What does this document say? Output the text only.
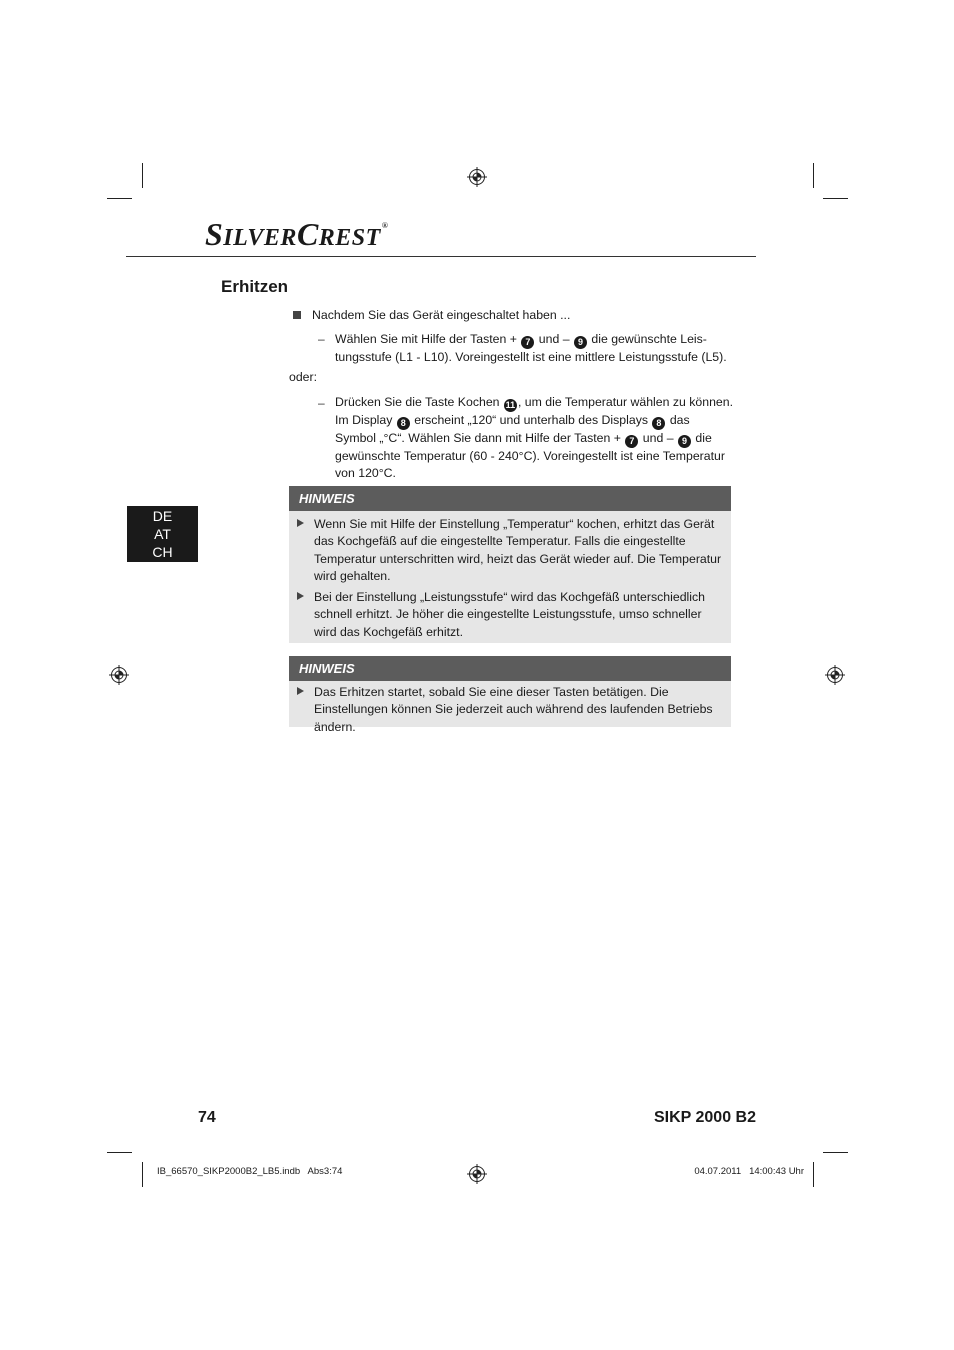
SILVERCREST®
Erhitzen
Nachdem Sie das Gerät eingeschaltet haben ...
– Wählen Sie mit Hilfe der Tasten + 7 und – 9 die gewünschte Leis-
tungsstufe (L1 - L10). Voreingestellt ist eine mittlere Leistungsstufe (L5).
oder:
– Drücken Sie die Taste Kochen 11 , um die Temperatur wählen zu können.
Im Display 8 erscheint „120“ und unterhalb des Displays 8 das
Symbol „°C“. Wählen Sie dann mit Hilfe der Tasten + 7 und – 9 die
gewünschte Temperatur (60 - 240°C). Voreingestellt ist eine Temperatur
von 120°C.
DE
AT
CH
HINWEIS
Wenn Sie mit Hilfe der Einstellung „Temperatur“ kochen, erhitzt das Gerät das Kochgefäß auf die eingestellte Temperatur. Falls die eingestellte Temperatur unterschritten wird, heizt das Gerät wieder auf. Die Temperatur wird gehalten.
Bei der Einstellung „Leistungsstufe“ wird das Kochgefäß unterschiedlich schnell erhitzt. Je höher die eingestellte Leistungsstufe, umso schneller wird das Kochgefäß erhitzt.
HINWEIS
Das Erhitzen startet, sobald Sie eine dieser Tasten betätigen. Die Einstellungen können Sie jederzeit auch während des laufenden Betriebs ändern.
74	SIKP 2000 B2
IB_66570_SIKP2000B2_LB5.indb   Abs3:74	04.07.2011   14:00:43 Uhr
